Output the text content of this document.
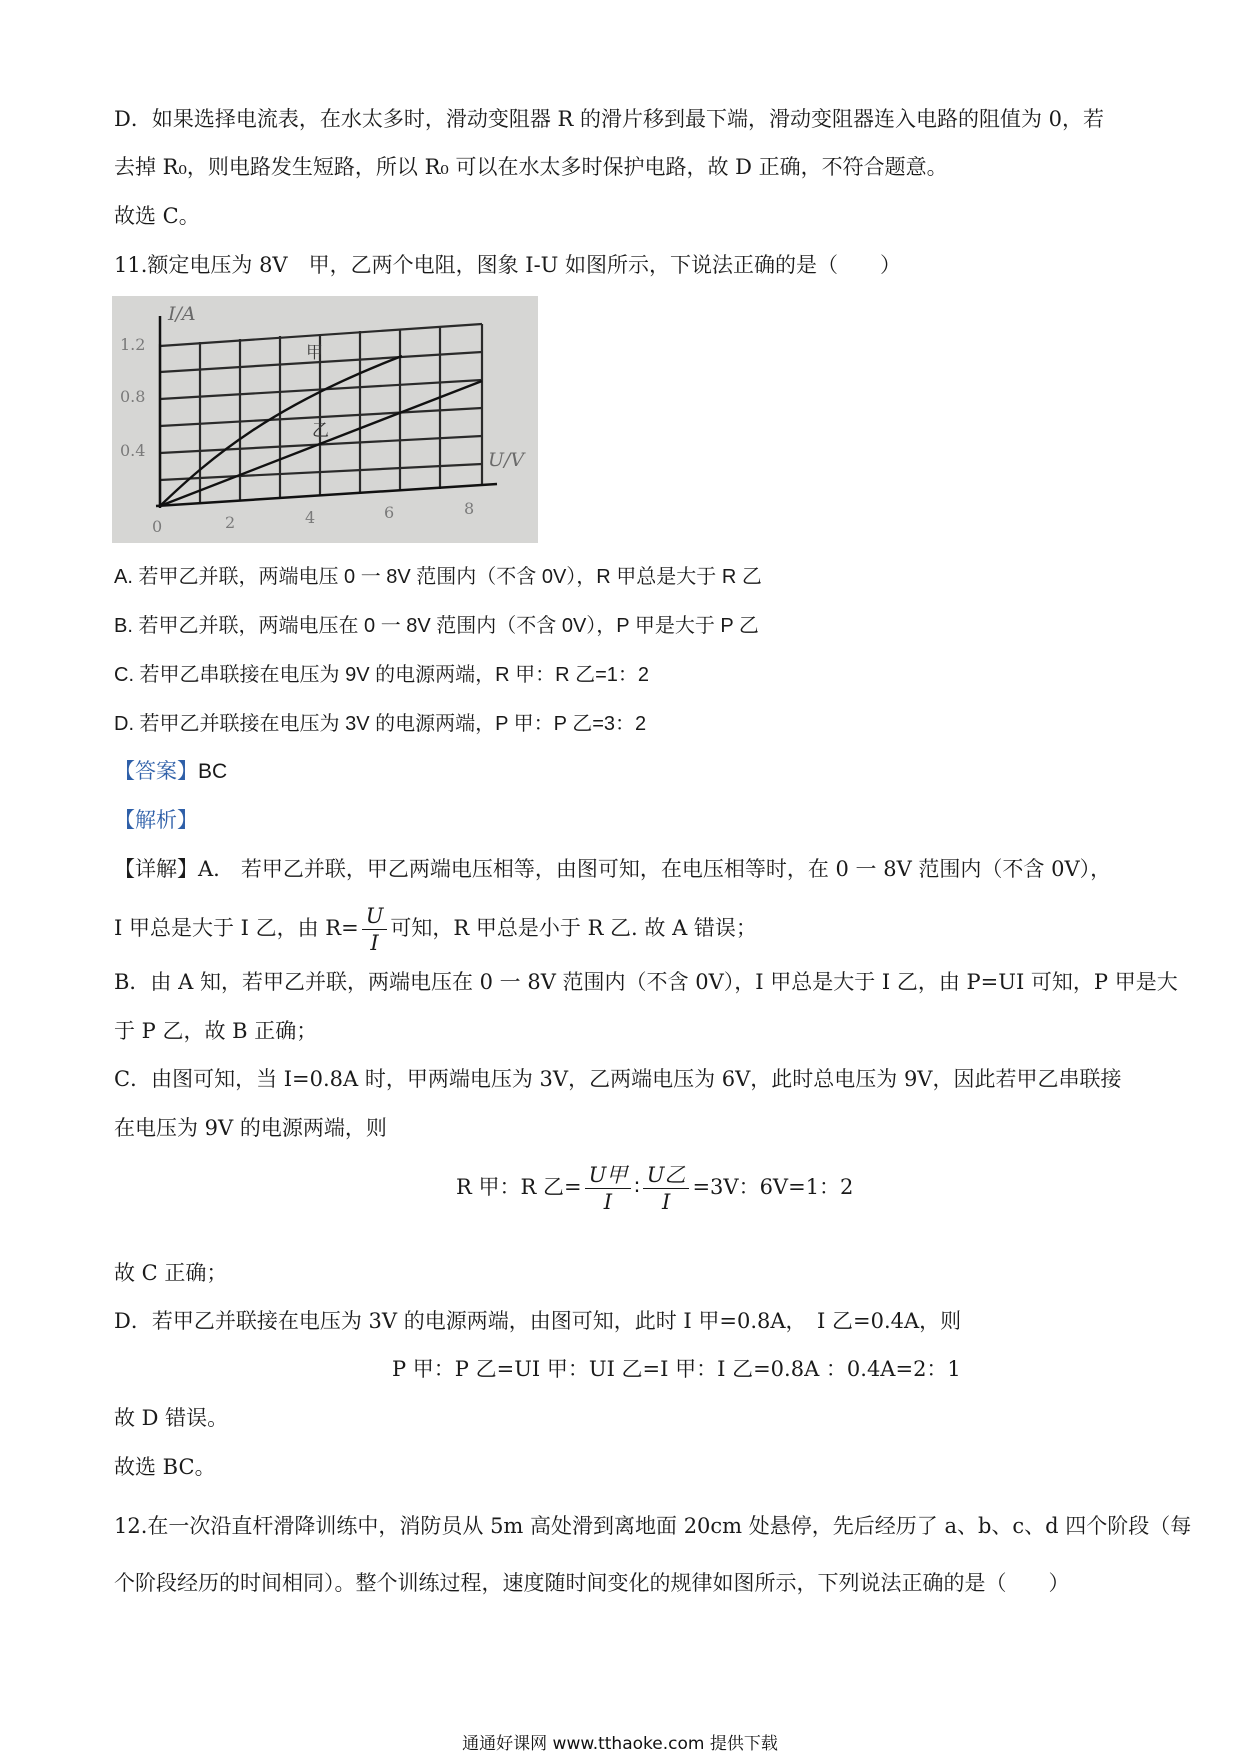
D．如果选择电流表，在水太多时，滑动变阻器 R 的滑片移到最下端，滑动变阻器连入电路的阻值为 0，若
去掉 R₀，则电路发生短路，所以 R₀ 可以在水太多时保护电路，故 D 正确，不符合题意。
故选 C。
11.额定电压为 8V　甲，乙两个电阻，图象 I-U 如图所示，下说法正确的是（　　）
I/A
U/V
0.4
0.8
1.2
0	2	4	6	8
甲
乙
A. 若甲乙并联，两端电压 0 一 8V 范围内（不含 0V），R 甲总是大于 R 乙
B. 若甲乙并联，两端电压在 0 一 8V 范围内（不含 0V），P 甲是大于 P 乙
C. 若甲乙串联接在电压为 9V 的电源两端，R 甲：R 乙=1：2
D. 若甲乙并联接在电压为 3V 的电源两端，P 甲：P 乙=3：2
【答案】BC
【解析】
【详解】A.　若甲乙并联，甲乙两端电压相等，由图可知，在电压相等时，在 0 一 8V 范围内（不含 0V），
I 甲总是大于 I 乙，由 $R= \frac{U}{I}$ 可知，R 甲总是小于 R 乙. 故 A 错误；
B．由 A 知，若甲乙并联，两端电压在 0 一 8V 范围内（不含 0V），I 甲总是大于 I 乙，由 P=UI 可知，P 甲是大
于 P 乙，故 B 正确；
C．由图可知，当 I=0.8A 时，甲两端电压为 3V，乙两端电压为 6V，此时总电压为 9V，因此若甲乙串联接
在电压为 9V 的电源两端，则
R 甲：R 乙= $\frac{\text{U甲}}{I}$ ∶ $\frac{\text{U乙}}{I} =3V$：6V=1：2
故 C 正确；
D．若甲乙并联接在电压为 3V 的电源两端，由图可知，此时 I 甲=0.8A，　I 乙=0.4A，则
P 甲：P 乙=UI 甲：UI 乙=I 甲：I 乙=0.8A ：0.4A=2：1
故 D 错误。
故选 BC。
12.在一次沿直杆滑降训练中，消防员从 5m 高处滑到离地面 20cm 处悬停，先后经历了 a、b、c、d 四个阶段（每
个阶段经历的时间相同）。整个训练过程，速度随时间变化的规律如图所示，下列说法正确的是（　　）
通通好课网 www.tthaoke.com 提供下载
